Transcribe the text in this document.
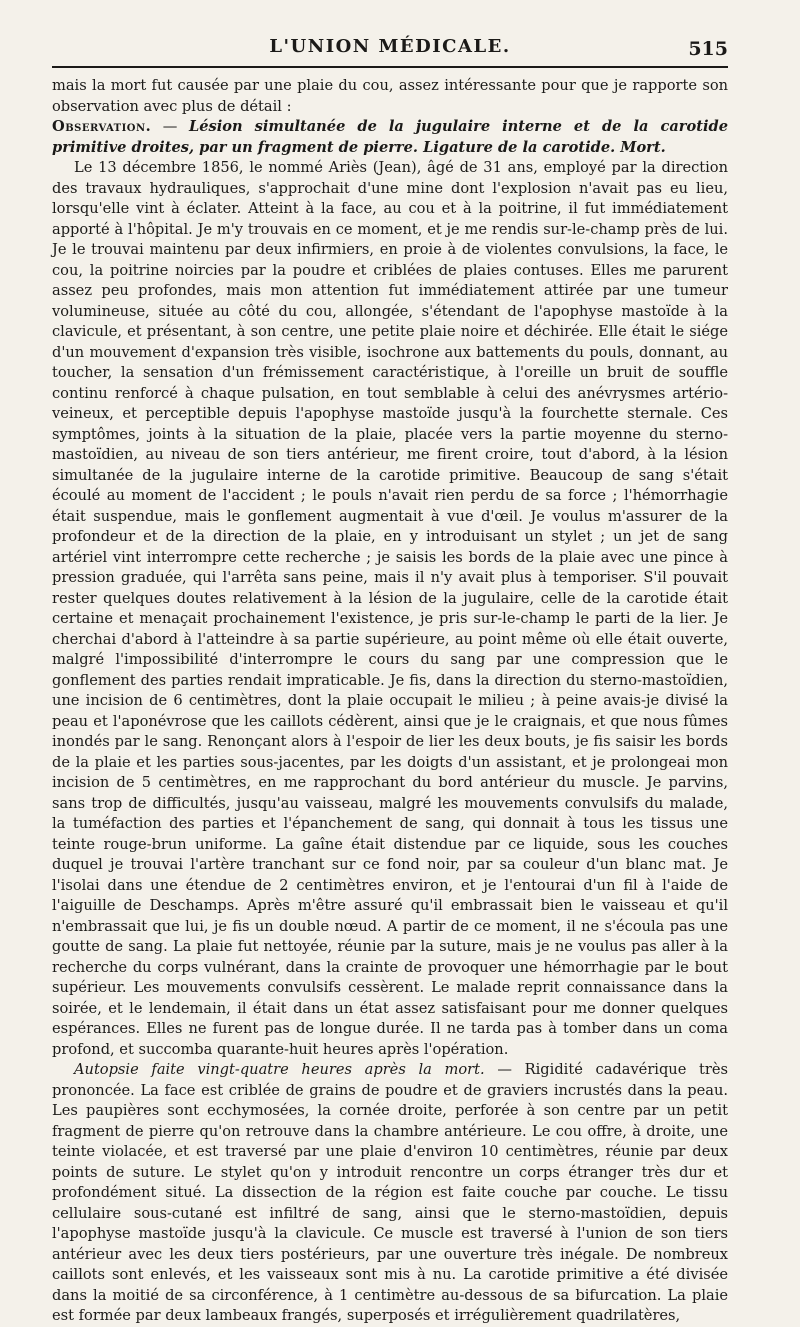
L'UNION MÉDICALE.	515

mais la mort fut causée par une plaie du cou, assez intéressante pour que je rapporte son observation avec plus de détail :

Observation. — Lésion simultanée de la jugulaire interne et de la carotide primitive droites, par un fragment de pierre. Ligature de la carotide. Mort.

Le 13 décembre 1856, le nommé Ariès (Jean), âgé de 31 ans, employé par la direction des travaux hydrauliques, s'approchait d'une mine dont l'explosion n'avait pas eu lieu, lorsqu'elle vint à éclater. Atteint à la face, au cou et à la poitrine, il fut immédiatement apporté à l'hôpital. Je m'y trouvais en ce moment, et je me rendis sur-le-champ près de lui. Je le trouvai maintenu par deux infirmiers, en proie à de violentes convulsions, la face, le cou, la poitrine noircies par la poudre et criblées de plaies contuses. Elles me parurent assez peu profondes, mais mon attention fut immédiatement attirée par une tumeur volumineuse, située au côté du cou, allongée, s'étendant de l'apophyse mastoïde à la clavicule, et présentant, à son centre, une petite plaie noire et déchirée. Elle était le siége d'un mouvement d'expansion très visible, isochrone aux battements du pouls, donnant, au toucher, la sensation d'un frémissement caractéristique, à l'oreille un bruit de souffle continu renforcé à chaque pulsation, en tout semblable à celui des anévrysmes artério-veineux, et perceptible depuis l'apophyse mastoïde jusqu'à la fourchette sternale. Ces symptômes, joints à la situation de la plaie, placée vers la partie moyenne du sterno-mastoïdien, au niveau de son tiers antérieur, me firent croire, tout d'abord, à la lésion simultanée de la jugulaire interne de la carotide primitive. Beaucoup de sang s'était écoulé au moment de l'accident ; le pouls n'avait rien perdu de sa force ; l'hémorrhagie était suspendue, mais le gonflement augmentait à vue d'œil. Je voulus m'assurer de la profondeur et de la direction de la plaie, en y introduisant un stylet ; un jet de sang artériel vint interrompre cette recherche ; je saisis les bords de la plaie avec une pince à pression graduée, qui l'arrêta sans peine, mais il n'y avait plus à temporiser. S'il pouvait rester quelques doutes relativement à la lésion de la jugulaire, celle de la carotide était certaine et menaçait prochainement l'existence, je pris sur-le-champ le parti de la lier. Je cherchai d'abord à l'atteindre à sa partie supérieure, au point même où elle était ouverte, malgré l'impossibilité d'interrompre le cours du sang par une compression que le gonflement des parties rendait impraticable. Je fis, dans la direction du sterno-mastoïdien, une incision de 6 centimètres, dont la plaie occupait le milieu ; à peine avais-je divisé la peau et l'aponévrose que les caillots cédèrent, ainsi que je le craignais, et que nous fûmes inondés par le sang. Renonçant alors à l'espoir de lier les deux bouts, je fis saisir les bords de la plaie et les parties sous-jacentes, par les doigts d'un assistant, et je prolongeai mon incision de 5 centimètres, en me rapprochant du bord antérieur du muscle. Je parvins, sans trop de difficultés, jusqu'au vaisseau, malgré les mouvements convulsifs du malade, la tuméfaction des parties et l'épanchement de sang, qui donnait à tous les tissus une teinte rouge-brun uniforme. La gaîne était distendue par ce liquide, sous les couches duquel je trouvai l'artère tranchant sur ce fond noir, par sa couleur d'un blanc mat. Je l'isolai dans une étendue de 2 centimètres environ, et je l'entourai d'un fil à l'aide de l'aiguille de Deschamps. Après m'être assuré qu'il embrassait bien le vaisseau et qu'il n'embrassait que lui, je fis un double nœud. A partir de ce moment, il ne s'écoula pas une goutte de sang. La plaie fut nettoyée, réunie par la suture, mais je ne voulus pas aller à la recherche du corps vulnérant, dans la crainte de provoquer une hémorrhagie par le bout supérieur. Les mouvements convulsifs cessèrent. Le malade reprit connaissance dans la soirée, et le lendemain, il était dans un état assez satisfaisant pour me donner quelques espérances. Elles ne furent pas de longue durée. Il ne tarda pas à tomber dans un coma profond, et succomba quarante-huit heures après l'opération.

Autopsie faite vingt-quatre heures après la mort. — Rigidité cadavérique très prononcée. La face est criblée de grains de poudre et de graviers incrustés dans la peau. Les paupières sont ecchymosées, la cornée droite, perforée à son centre par un petit fragment de pierre qu'on retrouve dans la chambre antérieure. Le cou offre, à droite, une teinte violacée, et est traversé par une plaie d'environ 10 centimètres, réunie par deux points de suture. Le stylet qu'on y introduit rencontre un corps étranger très dur et profondément situé. La dissection de la région est faite couche par couche. Le tissu cellulaire sous-cutané est infiltré de sang, ainsi que le sterno-mastoïdien, depuis l'apophyse mastoïde jusqu'à la clavicule. Ce muscle est traversé à l'union de son tiers antérieur avec les deux tiers postérieurs, par une ouverture très inégale. De nombreux caillots sont enlevés, et les vaisseaux sont mis à nu. La carotide primitive a été divisée dans la moitié de sa circonférence, à 1 centimètre au-dessous de sa bifurcation. La plaie est formée par deux lambeaux frangés, superposés et irrégulièrement quadrilatères,
